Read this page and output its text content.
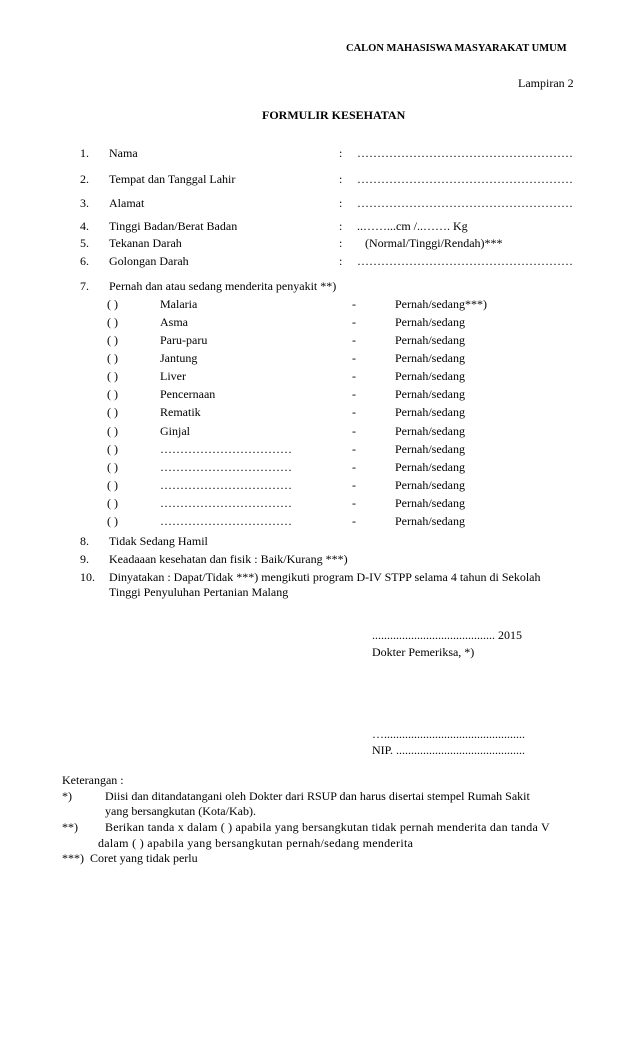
CALON MAHASISWA MASYARAKAT UMUM
Lampiran 2
FORMULIR KESEHATAN
1. Nama	: ………………………………………………
2. Tempat dan Tanggal Lahir	: ………………………………………………
3. Alamat	: ………………………………………………
4. Tinggi Badan/Berat Badan	: ..……...cm /..……. Kg
5. Tekanan Darah	: (Normal/Tinggi/Rendah)***
6. Golongan Darah	: ………………………………………………
7. Pernah dan atau sedang menderita penyakit **)
( )	Malaria	-	Pernah/sedang***)
( )	Asma	-	Pernah/sedang
( )	Paru-paru	-	Pernah/sedang
( )	Jantung	-	Pernah/sedang
( )	Liver	-	Pernah/sedang
( )	Pencernaan	-	Pernah/sedang
( )	Rematik	-	Pernah/sedang
( )	Ginjal	-	Pernah/sedang
( )	……………………………	-	Pernah/sedang
( )	……………………………	-	Pernah/sedang
( )	……………………………	-	Pernah/sedang
( )	……………………………	-	Pernah/sedang
( )	……………………………	-	Pernah/sedang
8. Tidak Sedang Hamil
9. Keadaaan kesehatan dan fisik : Baik/Kurang ***)
10. Dinyatakan : Dapat/Tidak ***) mengikuti program D-IV STPP selama 4 tahun di Sekolah
Tinggi Penyuluhan Pertanian Malang
......................................... 2015
Dokter Pemeriksa, *)
…...............................................
NIP. ...........................................
Keterangan :
*)	Diisi dan ditandatangani oleh Dokter dari RSUP dan harus disertai stempel Rumah Sakit
yang bersangkutan (Kota/Kab).
**) Berikan tanda x dalam ( ) apabila yang bersangkutan tidak pernah menderita dan tanda V
dalam ( ) apabila yang bersangkutan pernah/sedang menderita
***) Coret yang tidak perlu
